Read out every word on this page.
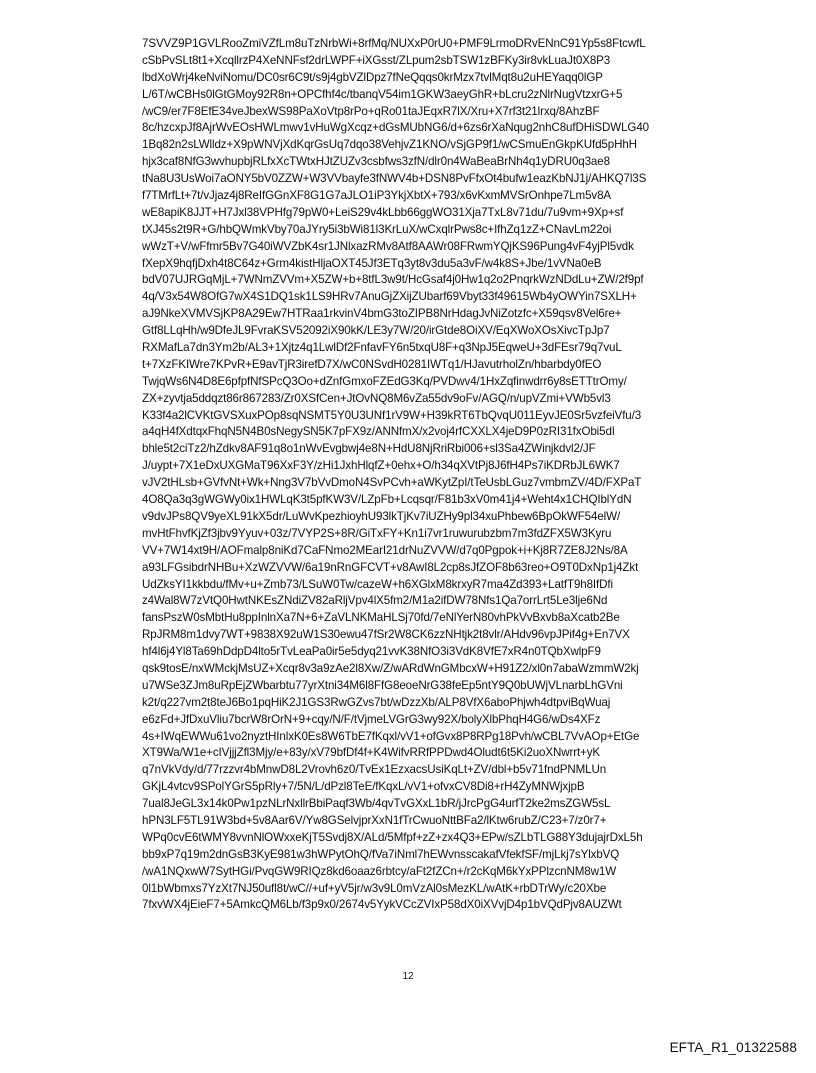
7SVVZ9P1GVLRooZmiVZfLm8uTzNrbWi+8rfMq/NUXxP0rU0+PMF9LrmoDRvENnC91Yp5s8FtcwfL
cSbPvSLt8t1+XcqllrzP4XeNNFsf2drLWPF+iXGsst/ZLpum2sbTSW1zBFKy3ir8vkLuaJt0X8P3
lbdXoWrj4keNviNomu/DC0sr6C9t/s9j4gbVZlDpz7fNeQqqs0krMzx7tvlMqt8u2uHEYaqq0lGP
L/6T/wCBHs0lGtGMoy92R8n+OPCfhf4c/tbanqV54im1GKW3aeyGhR+bLcru2zNlrNugVtzxrG+5
/wC9/er7F8EfE34veJbexWS98PaXoVtp8rPo+qRo01taJEqxR7lX/Xru+X7rf3t21lrxq/8AhzBF
8c/hzcxpJf8AjrWvEOsHWLmwv1vHuWgXcqz+dGsMUbNG6/d+6zs6rXaNqug2nhC8ufDHiSDWLG40
1Bq82n2sLWlldz+X9pWNVjXdKqrGsUq7dqo38VehjvZ1KNO/vSjGP9f1/wCSmuEnGkpKUfd5pHhH
hjx3caf8NfG3wvhupbjRLfxXcTWtxHJtZUZv3csbfws3zfN/dlr0n4WaBeaBrNh4q1yDRU0q3ae8
tNa8U3UsWoi7aONY5bV0ZZW+W3VVbayfe3fNWV4b+DSN8PvFfxOt4bufw1eazKbNJ1j/AHKQ7l3S
f7TMrfLt+7t/vJjaz4j8ReIfGGnXF8G1G7aJLO1iP3YkjXbtX+793/x6vKxmMVSrOnhpe7Lm5v8A
wE8apiK8JJT+H7Jxl38VPHfg79pW0+LeiS29v4kLbb66ggWO31Xja7TxL8v71du/7u9vm+9Xp+sf
tXJ45s2t9R+G/hbQWmkVby70aJYry5i3bWi81l3KrLuX/wCxqlrPws8c+IfhZq1zZ+CNavLm22oi
wWzT+V/wFfmr5Bv7G40iWVZbK4sr1JNlxazRMv8Atf8AAWr08FRwmYQjKS96Pung4vF4yjPl5vdk
fXepX9hqfjDxh4t8C64z+Grm4kistHljaOXT45Jf3ETq3yt8v3du5a3vF/w4k8S+Jbe/1vVNa0eB
bdV07UJRGqMjL+7WNmZVVm+X5ZW+b+8tfL3w9t/HcGsaf4j0Hw1q2o2PnqrkWzNDdLu+ZW/2f9pf
4q/V3x54W8OfG7wX4S1DQ1sk1LS9HRv7AnuGjZXijZUbarf69Vbyt33f49615Wb4yOWYin7SXLH+
aJ9NkeXVMVSjKP8A29Ew7HTRaa1rkvinV4bmG3toZIPB8NrHdagJvNiZotzfc+X59qsv8Vel6re+
Gtf8LLqHh/w9DfeJL9FvraKSV52092iX90kK/LE3y7W/20/irGtde8OiXV/EqXWoXOsXivcTpJp7
RXMafLa7dn3Ym2b/AL3+1Xjtz4q1LwlDf2FnfavFY6n5txqU8F+q3NpJ5EqweU+3dFEsr79q7vuL
t+7XzFKIWre7KPvR+E9avTjR3irefD7X/wC0NSvdH0281IWTq1/HJavutrholZn/hbarbdy0fEO
TwjqWs6N4D8E6pfpfNfSPcQ3Oo+dZnfGmxoFZEdG3Kq/PVDwv4/1HxZqfinwdrr6y8sETTtrOmy/
ZX+zyvtja5ddqzt86r867283/Zr0XSfCen+JtOvNQ8M6vZa55dv9oFv/AGQ/n/upVZmi+VWb5vl3
K33f4a2lCVKtGVSXuxPOp8sqNSMT5Y0U3UNf1rV9W+H39kRT6TbQvqU011EyvJE0Sr5vzfeiVfu/3
a4qH4fXdtqxFhqN5N4B0sNegySN5K7pFX9z/ANNfmX/x2voj4rfCXXLX4jeD9P0zRI31fxObi5dI
bhle5t2ciTz2/hZdkv8AF91q8o1nWvEvgbwj4e8N+HdU8NjRriRbi006+sl3Sa4ZWinjkdvl2/JF
J/uypt+7X1eDxUXGMaT96XxF3Y/zHi1JxhHlqfZ+0ehx+O/h34qXVtPj8J6fH4Ps7iKDRbJL6WK7
vJV2tHLsb+GVfvNt+Wk+Nng3V7bVvDmoN4SvPCvh+aWKytZpI/tTeUsbLGuz7vmbmZV/4D/FXPaT
4O8Qa3q3gWGWy0ix1HWLqK3t5pfKW3V/LZpFb+Lcqsqr/F81b3xV0m41j4+Weht4x1CHQIblYdN
v9dvJPs8QV9yeXL91kX5dr/LuWvKpezhioyhU93lkTjKv7iUZHy9pl34xuPhbew6BpOkWF54elW/
mvHtFhvfKjZf3jbv9Yyuv+03z/7VYP2S+8R/GiTxFY+Kn1i7vr1ruwurubzbm7m3fdZFX5W3Kyru
VV+7W14xt9H/AOFmalp8niKd7CaFNmo2MEarI21drNuZVVW/d7q0Pgpok+i+Kj8R7ZE8J2Ns/8A
a93LFGsibdrNHBu+XzWZVVW/6a19nRnGFCVT+v8AwI8L2cp8sJfZOF8b63reo+O9T0DxNp1j4Zkt
UdZksYI1kkbdu/fMv+u+Zmb73/LSuW0Tw/cazeW+h6XGlxM8krxyR7ma4Zd393+LatfT9h8IfDfi
z4Wal8W7zVtQ0HwtNKEsZNdiZV82aRljVpv4lX5fm2/M1a2ifDW78Nfs1Qa7orrLrt5Le3lje6Nd
fansPszW0sMbtHu8ppInlnXa7N+6+ZaVLNKMaHLSj70fd/7eNlYerN80vhPkVvBxvb8aXcatb2Be
RpJRM8m1dvy7WT+9838X92uW1S30ewu47fSr2W8CK6zzNHtjk2t8vlr/AHdv96vpJPif4g+En7VX
hf4l6j4Yl8Ta69hDdpD4lto5rTvLeaPa0ir5e5dyq21vvK38NfO3i3VdK8VfE7xR4n0TQbXwlpF9
qsk9tosE/nxWMckjMsUZ+Xcqr8v3a9zAe2l8Xw/Z/wARdWnGMbcxW+H91Z2/xl0n7abaWzmmW2kj
u7WSe3ZJm8uRpEjZWbarbtu77yrXtni34M6l8FfG8eoeNrG38feEp5ntY9Q0bUWjVLnarbLhGVni
k2t/q227vm2t8teJ6Bo1pqHiK2J1GS3RwGZvs7bt/wDzzXb/ALP8VfX6aboPhjwh4dtpviBqWuaj
e6zFd+JfDxuVliu7bcrW8rOrN+9+cqy/N/F/tVjmeLVGrG3wy92X/bolyXlbPhqH4G6/wDs4XFz
4s+IWqEWWu61vo2nyztHInlxK0Es8W6TbE7fKqxl/vV1+ofGvx8P8RPg18Pvh/wCBL7VvAOp+EtGe
XT9Wa/W1e+cIVjjjZfl3Mjy/e+83y/xV79bfDf4f+K4WifvRRfPPDwd4Oludt6t5Ki2uoXNwrrt+yK
q7nVkVdy/d/77rzzvr4bMnwD8L2Vrovh6z0/TvEx1EzxacsUsiKqLt+ZV/dbl+b5v71fndPNMLUn
GKjL4vtcv9SPolYGrS5pRly+7/5N/L/dPzl8TeE/fKqxL/vV1+ofvxCV8Di8+rH4ZyMNWjxjpB
7ual8JeGL3x14k0Pw1pzNLrNxllrBbiPaqf3Wb/4qvTvGXxL1bR/jJrcPgG4urfT2ke2msZGW5sL
hPN3LF5TL91W3bd+5v8Aar6V/Yw8GSelvjprXxN1fTrCwuoNttBFa2/lKtw6rubZ/C23+7/z0r7+
WPq0cvE6tWMY8vvnNlOWxxeKjT5Svdj8X/ALd/5Mfpf+zZ+zx4Q3+EPw/sZLbTLG88Y3dujajrDxL5h
bb9xP7q19m2dnGsB3KyE981w3hWPytOhQ/fVa7iNml7hEWvnsscakafVfekfSF/mjLkj7sYlxbVQ
/wA1NQxwW7SytHGi/PvqGW9RIQz8kd6oaaz6rbtcy/aFt2fZCn+/r2cKqM6kYxPPlzcnNM8w1W
0l1bWbmxs7YzXt7NJ50ufl8t/wC//+uf+yV5jr/w3v9L0mVzAl0sMezKL/wAtK+rbDTrWy/c20Xbe
7fxvWX4jEieF7+5AmkcQM6Lb/f3p9x0/2674v5YykVCcZVIxP58dX0iXVvjD4p1bVQdPjv8AUZWt
12
EFTA_R1_01322588
